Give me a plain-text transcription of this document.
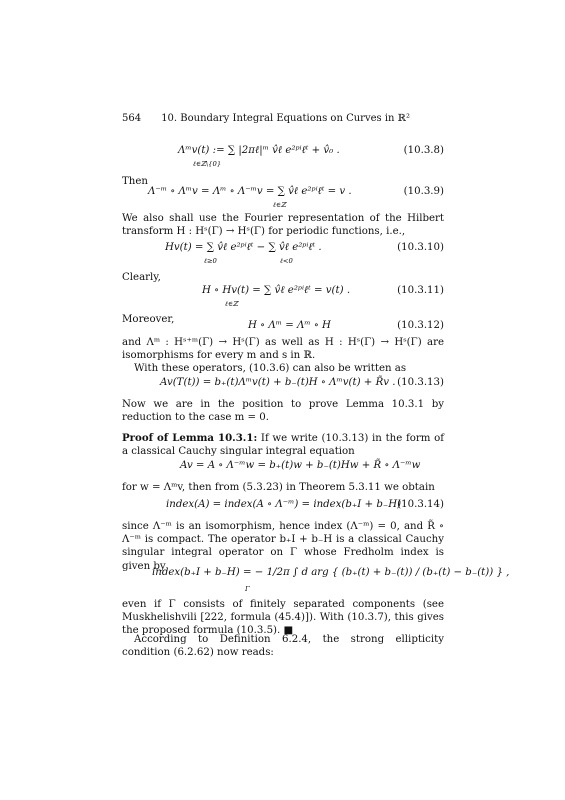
564 10. Boundary Integral Equations on Curves in ℝ²
Λᵐv(t) := ∑ |2πℓ|ᵐ v̂ℓ e²ᵖⁱℓᵗ + v̂₀ .	(10.3.8)
ℓ∈ℤ\{0}
Then
Λ⁻ᵐ ∘ Λᵐv = Λᵐ ∘ Λ⁻ᵐv = ∑ v̂ℓ e²ᵖⁱℓᵗ = v .	(10.3.9)
ℓ∈ℤ
We also shall use the Fourier representation of the Hilbert transform H : Hˢ(Γ) → Hˢ(Γ) for periodic functions, i.e.,
Hv(t) = ∑ v̂ℓ e²ᵖⁱℓᵗ − ∑ v̂ℓ e²ᵖⁱℓᵗ .	(10.3.10)
ℓ≥0	ℓ<0
Clearly,
H ∘ Hv(t) = ∑ v̂ℓ e²ᵖⁱℓᵗ = v(t) .	(10.3.11)
ℓ∈ℤ
Moreover,
H ∘ Λᵐ = Λᵐ ∘ H	(10.3.12)
and Λᵐ : Hˢ⁺ᵐ(Γ) → Hˢ(Γ) as well as H : Hˢ(Γ) → Hˢ(Γ) are isomorphisms for every m and s in ℝ.
With these operators, (10.3.6) can also be written as
Av(T(t)) = b₊(t)Λᵐv(t) + b₋(t)H ∘ Λᵐv(t) + R̃v . (10.3.13)
Now we are in the position to prove Lemma 10.3.1 by reduction to the case m = 0.
Proof of Lemma 10.3.1: If we write (10.3.13) in the form of a classical Cauchy singular integral equation
Av = A ∘ Λ⁻ᵐw = b₊(t)w + b₋(t)Hw + R̃ ∘ Λ⁻ᵐw
for w = Λᵐv, then from (5.3.23) in Theorem 5.3.11 we obtain
index(A) = index(A ∘ Λ⁻ᵐ) = index(b₊I + b₋H)
(10.3.14)
since Λ⁻ᵐ is an isomorphism, hence index (Λ⁻ᵐ) = 0, and R̃ ∘ Λ⁻ᵐ is compact. The operator b₊I + b₋H is a classical Cauchy singular integral operator on Γ whose Fredholm index is given by
index(b₊I + b₋H) = − 1/2π ∫ d arg { (b₊(t) + b₋(t)) / (b₊(t) − b₋(t)) } ,
Γ
even if Γ consists of finitely separated components (see Muskhelishvili [222, formula (45.4)]). With (10.3.7), this gives the proposed formula (10.3.5). ■
According to Definition 6.2.4, the strong ellipticity condition (6.2.62) now reads:
